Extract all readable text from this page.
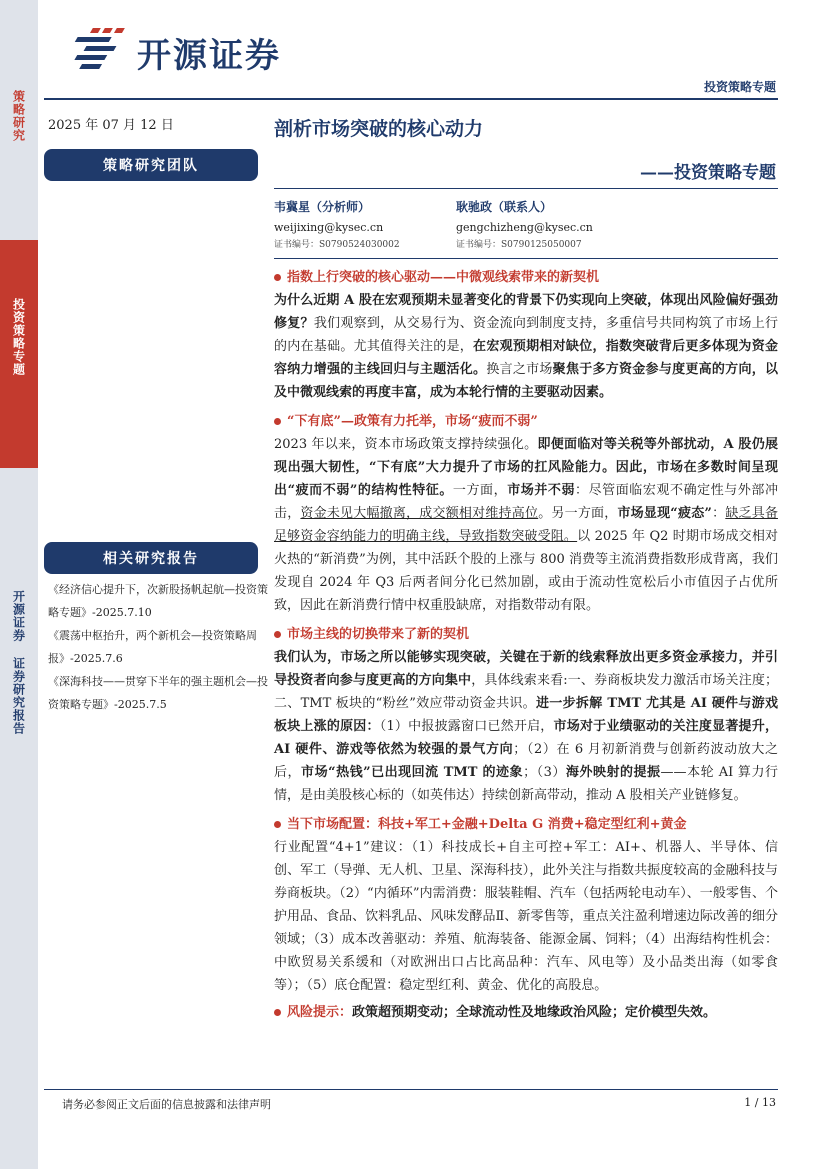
策略研究
投资策略专题
开源证券 证券研究报告
开源证券
投资策略专题
2025 年 07 月 12 日	剖析市场突破的核心动力
策略研究团队	——投资策略专题
韦冀星（分析师）
weijixing@kysec.cn
证书编号：S0790524030002
耿驰政（联系人）
gengchizheng@kysec.cn
证书编号：S0790125050007
相关研究报告
《经济信心提升下，次新股扬帆起航—投资策略专题》-2025.7.10
《震荡中枢抬升，两个新机会—投资策略周报》-2025.7.6
《深海科技——贯穿下半年的强主题机会—投资策略专题》-2025.7.5
指数上行突破的核心驱动——中微观线索带来的新契机

为什么近期 A 股在宏观预期未显著变化的背景下仍实现向上突破，体现出风险偏好强劲修复？我们观察到，从交易行为、资金流向到制度支持，多重信号共同构筑了市场上行的内在基础。尤其值得关注的是，在宏观预期相对缺位，指数突破背后更多体现为资金容纳力增强的主线回归与主题活化。换言之市场聚焦于多方资金参与度更高的方向，以及中微观线索的再度丰富，成为本轮行情的主要驱动因素。

“下有底”—政策有力托举，市场“疲而不弱”

2023 年以来，资本市场政策支撑持续强化。即便面临对等关税等外部扰动，A 股仍展现出强大韧性，“下有底”大力提升了市场的扛风险能力。因此，市场在多数时间呈现出“疲而不弱”的结构性特征。一方面，市场并不弱：尽管面临宏观不确定性与外部冲击，资金未见大幅撤离，成交额相对维持高位。另一方面，市场显现“疲态”：缺乏具备足够资金容纳能力的明确主线，导致指数突破受阻。以 2025 年 Q2 时期市场成交相对火热的“新消费”为例，其中活跃个股的上涨与 800 消费等主流消费指数形成背离，我们发现自 2024 年 Q3 后两者间分化已然加剧，或由于流动性宽松后小市值因子占优所致，因此在新消费行情中权重股缺席，对指数带动有限。

市场主线的切换带来了新的契机

我们认为，市场之所以能够实现突破，关键在于新的线索释放出更多资金承接力，并引导投资者向参与度更高的方向集中，具体线索来看:一、券商板块发力激活市场关注度；二、TMT 板块的“粉丝”效应带动资金共识。进一步拆解 TMT 尤其是 AI 硬件与游戏板块上涨的原因：（1）中报披露窗口已然开启，市场对于业绩驱动的关注度显著提升，AI 硬件、游戏等依然为较强的景气方向；（2）在 6 月初新消费与创新药波动放大之后，市场“热钱”已出现回流 TMT 的迹象；（3）海外映射的提振——本轮 AI 算力行情，是由美股核心标的（如英伟达）持续创新高带动，推动 A 股相关产业链修复。

当下市场配置：科技+军工+金融+Delta G 消费+稳定型红利+黄金

行业配置“4+1”建议：（1）科技成长+自主可控+军工：AI+、机器人、半导体、信创、军工（导弹、无人机、卫星、深海科技），此外关注与指数共振度较高的金融科技与券商板块。（2）“内循环”内需消费：服装鞋帽、汽车（包括两轮电动车）、一般零售、个护用品、食品、饮料乳品、风味发酵品Ⅱ、新零售等，重点关注盈利增速边际改善的细分领域；（3）成本改善驱动：养殖、航海装备、能源金属、饲料；（4）出海结构性机会：中欧贸易关系缓和（对欧洲出口占比高品种：汽车、风电等）及小品类出海（如零食等）；（5）底仓配置：稳定型红利、黄金、优化的高股息。

风险提示：政策超预期变动；全球流动性及地缘政治风险；定价模型失效。
请务必参阅正文后面的信息披露和法律声明	1 / 13
